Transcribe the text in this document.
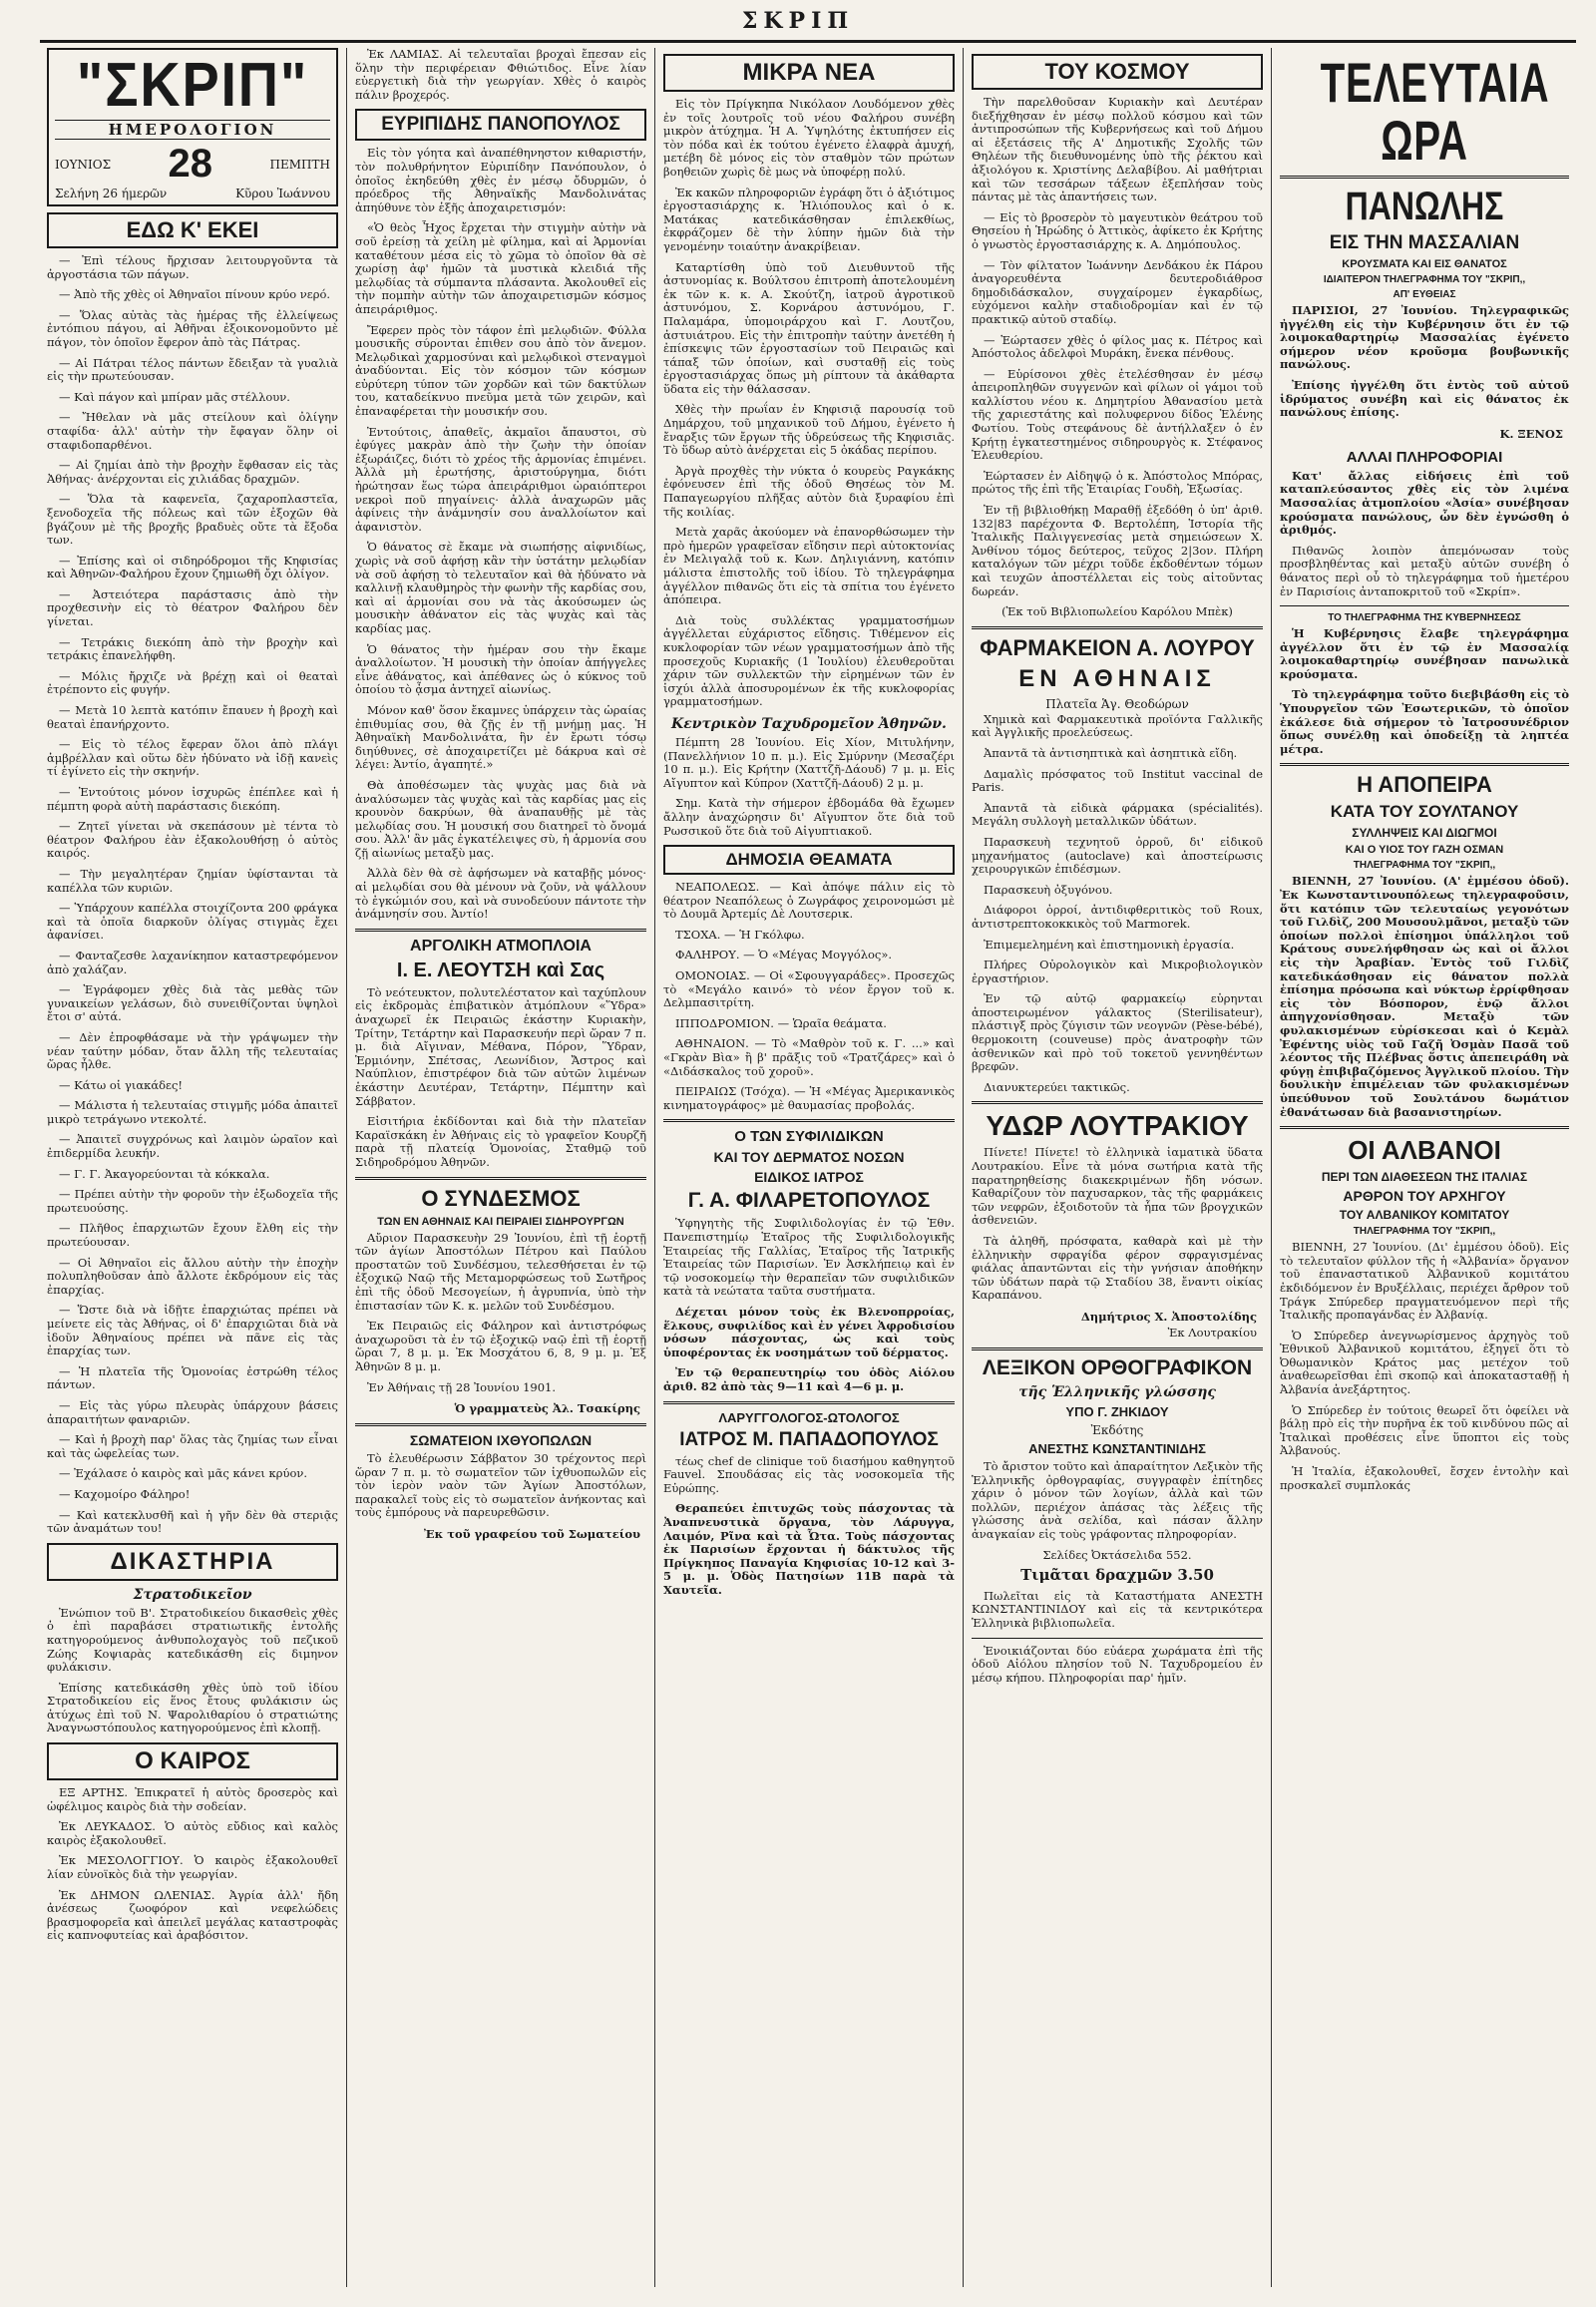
ΣΚΡΙΠ
"ΣΚΡΙΠ"
ΗΜΕΡΟΛΟΓΙΟΝ
ΙΟΥΝΙΟΣ 28	ΠΕΜΠΤΗ
Σελήνη 26 ήμερῶν	Κῦρου Ἰωάννου
ΕΔΩ Κ' ΕΚΕΙ

— Ἐπὶ τέλους ἤρχισαν λειτουργοῦντα τὰ ἀργοστάσια τῶν πάγων.

— Ἀπὸ τῆς χθὲς οἱ Ἀθηναῖοι πίνουν κρύο νερό.

— Ὅλας αὐτὰς τὰς ἡμέρας τῆς ἐλλείψεως ἐντόπιου πάγου, αἱ Ἀθῆναι ἐξοικονομοῦντο μὲ πάγον, τὸν ὁποῖον ἔφερον ἀπὸ τὰς Πάτρας.

— Αἱ Πάτραι τέλος πάντων ἔδειξαν τὰ γυαλιὰ εἰς τὴν πρωτεύουσαν.

— Καὶ πάγον καὶ μπίραν μᾶς στέλλουν.

— Ἤθελαν νὰ μᾶς στείλουν καὶ ὀλίγην σταφίδα· ἀλλ' αὐτὴν τὴν ἔφαγαν ὅλην οἱ σταφιδοπαρθένοι.

— Αἱ ζημίαι ἀπὸ τὴν βροχὴν ἔφθασαν εἰς τὰς Ἀθήνας· ἀνέρχονται εἰς χιλιάδας δραχμῶν.

— Ὅλα τὰ καφενεῖα, ζαχαροπλαστεῖα, ξενοδοχεῖα τῆς πόλεως καὶ τῶν ἐξοχῶν θὰ βγάζουν μὲ τῆς βροχῆς βραδυὲς οὔτε τὰ ἔξοδα των.

— Ἐπίσης καὶ οἱ σιδηρόδρομοι τῆς Κηφισίας καὶ Ἀθηνῶν-Φαλήρου ἔχουν ζημιωθῆ ὄχι ὀλίγον.

— Ἀστειότερα παράστασις ἀπὸ τὴν προχθεσινὴν εἰς τὸ θέατρον Φαλήρου δὲν γίνεται.

— Τετράκις διεκόπη ἀπὸ τὴν βροχὴν καὶ τετράκις ἐπανελήφθη.

— Μόλις ἤρχιζε νὰ βρέχῃ καὶ οἱ θεαταὶ ἐτρέποντο εἰς φυγήν.

— Μετὰ 10 λεπτὰ κατόπιν ἔπαυεν ἡ βροχὴ καὶ θεαταὶ ἐπανήρχοντο.

— Εἰς τὸ τέλος ἔφεραν ὅλοι ἀπὸ πλάγι ἀμβρέλλαν καὶ οὕτω δὲν ἠδύνατο νὰ ἰδῇ κανεὶς τί ἐγίνετο εἰς τὴν σκηνήν.

— Ἐντούτοις μόνον ἰσχυρῶς ἐπέπλεε καὶ ἡ πέμπτη φορὰ αὐτὴ παράστασις διεκόπη.

— Ζητεῖ γίνεται νὰ σκεπάσουν μὲ τέντα τὸ θέατρον Φαλήρου ἐὰν ἐξακολουθήσῃ ὁ αὐτὸς καιρός.

— Τὴν μεγαλητέραν ζημίαν ὑφίστανται τὰ καπέλλα τῶν κυριῶν.

— Ὑπάρχουν καπέλλα στοιχίζοντα 200 φράγκα καὶ τὰ ὁποῖα διαρκοῦν ὀλίγας στιγμὰς ἔχει ἀφανίσει.

— Φανταζεσθε λαχανίκηπον καταστρεφόμενον ἀπὸ χαλάζαν.

— Ἐγράφομεν χθὲς διὰ τὰς μεθὰς τῶν γυναικείων γελάσων, διὸ συνειθίζονται ὑψηλοὶ ἔτοι σ' αὐτά.

— Δὲν ἐπροφθάσαμε νὰ τὴν γράψωμεν τὴν νέαν ταύτην μόδαν, ὅταν ἄλλη τῆς τελευταίας ὥρας ἦλθε.

— Κάτω οἱ γιακάδες!

— Μάλιστα ἡ τελευταίας στιγμῆς μόδα ἀπαιτεῖ μικρὸ τετράγωνο ντεκολτέ.

— Ἀπαιτεῖ συγχρόνως καὶ λαιμὸν ὡραῖον καὶ ἐπιδερμίδα λευκήν.

— Γ. Γ. Ἀκαγορεύονται τὰ κόκκαλα.

— Πρέπει αὐτὴν τὴν φοροῦν τὴν ἐξωδοχεῖα τῆς πρωτευούσης.

— Πλῆθος ἐπαρχιωτῶν ἔχουν ἔλθη εἰς τὴν πρωτεύουσαν.

— Οἱ Ἀθηναῖοι εἰς ἄλλου αὐτὴν τὴν ἐποχὴν πολυπληθοῦσαν ἀπὸ ἄλλοτε ἐκδρόμουν εἰς τὰς ἐπαρχίας.

— Ὥστε διὰ νὰ ἰδῇτε ἐπαρχιώτας πρέπει νὰ μείνετε εἰς τὰς Ἀθήνας, οἱ δ' ἐπαρχιῶται διὰ νὰ ἰδοῦν Ἀθηναίους πρέπει νὰ πᾶνε εἰς τὰς ἐπαρχίας των.

— Ἡ πλατεῖα τῆς Ὁμονοίας ἐστρώθη τέλος πάντων.

— Εἰς τὰς γύρω πλευρὰς ὑπάρχουν βάσεις ἀπαραιτήτων φαναριῶν.

— Καὶ ἡ βροχὴ παρ' ὅλας τὰς ζημίας των εἶναι καὶ τὰς ὠφελείας των.

— Ἐχάλασε ὁ καιρὸς καὶ μᾶς κάνει κρύον.

— Καχομοίρο Φάληρο!

— Καὶ κατεκλυσθῆ καὶ ἡ γῆν δὲν θὰ στεριᾷς τῶν ἀναμάτων του!

ΔΙΚΑΣΤΗΡΙΑ
Στρατοδικεῖον

Ἐνώπιον τοῦ Β'. Στρατοδικείου δικασθεὶς χθὲς ὁ ἐπὶ παραβάσει στρατιωτικῆς ἐντολῆς κατηγορούμενος ἀνθυπολοχαγὸς τοῦ πεζικοῦ Ζώης Κοψιαρὰς κατεδικάσθη εἰς διμηνον φυλάκισιν.

Ἐπίσης κατεδικάσθη χθὲς ὑπὸ τοῦ ἰδίου Στρατοδικείου εἰς ἕνος ἔτους φυλάκισιν ὡς ἀτύχως ἐπὶ τοῦ Ν. Ψαρολιθαρίου ὁ στρατιώτης Ἀναγνωστόπουλος κατηγορούμενος ἐπὶ κλοπῇ.

Ο ΚΑΙΡΟΣ

ΕΞ ΑΡΤΗΣ. Ἐπικρατεῖ ἡ αὐτὸς δροσερὸς καὶ ὠφέλιμος καιρὸς διὰ τὴν σοδείαν.

Ἐκ ΛΕΥΚΑΔΟΣ. Ὁ αὐτὸς εὔδιος καὶ καλὸς καιρὸς ἐξακολουθεῖ.

Ἐκ ΜΕΣΟΛΟΓΓΙΟΥ. Ὁ καιρὸς ἐξακολουθεῖ λίαν εὐνοϊκὸς διὰ τὴν γεωργίαν.

Ἐκ ΔΗΜΟΝ ΩΛΕΝΙΑΣ. Ἀγρία ἀλλ' ἤδη ἀνέσεως ζωοφόρον καὶ νεφελώδεις βρασμοφορεῖα καὶ ἀπειλεῖ μεγάλας καταστροφὰς εἰς καπνοφυτείας καὶ ἀραβόσιτον.

Ἐκ ΛΑΜΙΑΣ. Αἱ τελευταῖαι βροχαὶ ἔπεσαν εἰς ὅλην τὴν περιφέρειαν Φθιώτιδος. Εἶνε λίαν εὐεργετικὴ διὰ τὴν γεωργίαν. Χθὲς ὁ καιρὸς πάλιν βροχερός.

ΕΥΡΙΠΙΔΗΣ ΠΑΝΟΠΟΥΛΟΣ

Εἰς τὸν γόητα καὶ ἀναπέθηνηστον κιθαριστήν, τὸν πολυθρήνητον Εὐριπίδην Πανόπουλον, ὁ ὁποῖος ἐκηδεύθη χθὲς ἐν μέσῳ ὄδυρμῶν, ὁ πρόεδρος τῆς Ἀθηναϊκῆς Μανδολινάτας ἀπηύθυνε τὸν ἑξῆς ἀποχαιρετισμόν:

«Ὁ θεὸς Ἦχος ἔρχεται τὴν στιγμὴν αὐτὴν νὰ σοῦ ἐρείσῃ τὰ χείλη μὲ φίλημα, καὶ αἱ Ἁρμονίαι καταθέτουν μέσα εἰς τὸ χῶμα τὸ ὁποῖον θὰ σὲ χωρίσῃ ἀφ' ἡμῶν τὰ μυστικὰ κλειδιά τῆς μελῳδίας τὰ σύμπαντα πλάσαντα. Ἀκολουθεῖ εἰς τὴν πομπὴν αὐτὴν τῶν ἀποχαιρετισμῶν κόσμος ἀπειράριθμος.

Ἔφερεν πρὸς τὸν τάφον ἐπὶ μελῳδιῶν. Φύλλα μουσικῆς σύρονται ἐπιθεν σου ἀπὸ τὸν ἄνεμον. Μελῳδικαὶ χαρμοσύναι καὶ μελῳδικοὶ στεναγμοὶ ἀναδύονται. Εἰς τὸν κόσμον τῶν κόσμων εὐρύτερη τύπον τῶν χορδῶν καὶ τῶν δακτύλων του, καταδείκνυο πνεῦμα μετὰ τῶν χειρῶν, καὶ ἐπαναφέρεται τὴν μουσικήν σου.

Ἐντούτοις, ἀπαθεῖς, ἀκμαῖοι ἄπαυστοι, σὺ ἐφύγες μακρὰν ἀπὸ τὴν ζωὴν τὴν ὁποίαν ἐξωράιζες, διότι τὸ χρέος τῆς ἀρμονίας ἐπιμένει. Ἀλλὰ μὴ ἐρωτήσης, ἀριστούργημα, διότι ἠρώτησαν ἕως τώρα ἀπειράριθμοι ὡραιόπτεροι νεκροὶ ποῦ πηγαίνεις· ἀλλὰ ἀναχωρῶν μᾶς ἀφίνεις τὴν ἀνάμνησίν σου ἀναλλοίωτον καὶ ἀφανιστὸν.

Ὁ θάνατος σὲ ἔκαμε νὰ σιωπήσῃς αἰφνιδίως, χωρὶς νὰ σοῦ ἀφήσῃ κἂν τὴν ὑστάτην μελῳδίαν νὰ σοῦ ἀφήσῃ τὸ τελευταῖον καὶ θὰ ἠδύνατο νὰ καλλινῇ κλαυθμηρὸς τὴν φωνὴν τῆς καρδίας σου, καὶ αἱ ἁρμονίαι σου νὰ τὰς ἀκούσωμεν ὡς μουσικὴν ἀθάνατον εἰς τὰς ψυχὰς καὶ τὰς καρδίας μας.

Ὁ θάνατος τὴν ἡμέραν σου τὴν ἔκαμε ἀναλλοίωτον. Ἡ μουσικὴ τὴν ὁποίαν ἀπήγγελες εἶνε ἀθάνατος, καὶ ἀπέθανες ὡς ὁ κύκνος τοῦ ὁποίου τὸ ᾆσμα ἀντηχεῖ αἰωνίως.

Μόνον καθ' ὅσον ἔκαμνες ὑπάρχειν τὰς ὡραίας ἐπιθυμίας σου, θὰ ζῇς ἐν τῇ μνήμῃ μας. Ἡ Ἀθηναϊκὴ Μανδολινάτα, ἣν ἐν ἔρωτι τόσῳ διηύθυνες, σὲ ἀποχαιρετίζει μὲ δάκρυα καὶ σὲ λέγει: Ἀντίο, ἀγαπητέ.»

Θὰ ἀποθέσωμεν τὰς ψυχὰς μας διὰ νὰ ἀναλύσωμεν τὰς ψυχὰς καὶ τὰς καρδίας μας εἰς κρουνὸν δακρύων, θὰ ἀναπαυθῇς μὲ τὰς μελῳδίας σου. Ἡ μουσική σου διατηρεῖ τὸ ὄνομά σου. Ἀλλ' ἂν μᾶς ἐγκατέλειψες σὺ, ἡ ἁρμονία σου ζῇ αἰωνίως μεταξὺ μας.

Ἀλλὰ δὲν θὰ σὲ ἀφήσωμεν νὰ καταβῇς μόνος· αἱ μελῳδίαι σου θὰ μένουν νὰ ζοῦν, νὰ ψάλλουν τὸ ἐγκώμιόν σου, καὶ νὰ συνοδεύουν πάντοτε τὴν ἀνάμνησίν σου. Ἀντίο!

ΑΡΓΟΛΙΚΗ ΑΤΜΟΠΛΟΙΑ
Ι. Ε. ΛΕΟΥΤΣΗ καὶ Σας

Τὸ νεότευκτον, πολυτελέστατον καὶ ταχύπλουν εἰς ἐκδρομὰς ἐπιβατικὸν ἀτμόπλουν «Ὕδρα» ἀναχωρεῖ ἐκ Πειραιῶς ἑκάστην Κυριακὴν, Τρίτην, Τετάρτην καὶ Παρασκευήν περὶ ὥραν 7 π. μ. διὰ Αἴγιναν, Μέθανα, Πόρον, Ὕδραν, Ἑρμιόνην, Σπέτσας, Λεωνίδιον, Ἄστρος καὶ Ναύπλιον, ἐπιστρέφον διὰ τῶν αὐτῶν λιμένων ἑκάστην Δευτέραν, Τετάρτην, Πέμπτην καὶ Σάββατον.

Εἰσιτήρια ἐκδίδονται καὶ διὰ τὴν πλατεῖαν Καραϊσκάκη ἐν Ἀθήναις εἰς τὸ γραφεῖον Κουρζῆ παρὰ τῇ πλατείᾳ Ὁμονοίας, Σταθμῷ τοῦ Σιδηροδρόμου Ἀθηνῶν.

Ο ΣΥΝΔΕΣΜΟΣ
ΤΩΝ ΕΝ ΑΘΗΝΑΙΣ ΚΑΙ ΠΕΙΡΑΙΕΙ ΣΙΔΗΡΟΥΡΓΩΝ

Αὔριον Παρασκευὴν 29 Ἰουνίου, ἐπὶ τῇ ἑορτῇ τῶν ἁγίων Ἀποστόλων Πέτρου καὶ Παύλου προστατῶν τοῦ Συνδέσμου, τελεσθήσεται ἐν τῷ ἐξοχικῷ Ναῷ τῆς Μεταμορφώσεως τοῦ Σωτῆρος ἐπὶ τῆς ὁδοῦ Μεσογείων, ἡ ἀγρυπνία, ὑπὸ τὴν ἐπιστασίαν τῶν Κ. κ. μελῶν τοῦ Συνδέσμου.

Ἐκ Πειραιῶς εἰς Φάληρον καὶ ἀντιστρόφως ἀναχωροῦσι τὰ ἐν τῷ ἐξοχικῷ ναῷ ἐπὶ τῇ ἑορτῇ ὥραι 7, 8 μ. μ. Ἐκ Μοσχάτου 6, 8, 9 μ. μ. Ἐξ Ἀθηνῶν 8 μ. μ.

Ἐν Ἀθήναις τῇ 28 Ἰουνίου 1901.

Ὁ γραμματεὺς Ἀλ. Τσακίρης
ΣΩΜΑΤΕΙΟΝ ΙΧΘΥΟΠΩΛΩΝ

Τὸ ἐλευθέρωσιν Σάββατον 30 τρέχοντος περὶ ὥραν 7 π. μ. τὸ σωματεῖον τῶν ἰχθυοπωλῶν εἰς τὸν ἱερὸν ναὸν τῶν Ἁγίων Ἀποστόλων, παρακαλεῖ τοὺς εἰς τὸ σωματεῖον ἀνήκοντας καὶ τοὺς ἐμπόρους νὰ παρευρεθῶσιν.

Ἐκ τοῦ γραφείου τοῦ Σωματείου
ΜΙΚΡΑ ΝΕΑ

Εἰς τὸν Πρίγκηπα Νικόλαον Λουδόμενον χθὲς ἐν τοῖς λουτροῖς τοῦ νέου Φαλήρου συνέβη μικρὸν ἀτύχημα. Ἡ Α. Ὑψηλότης ἐκτυπήσεν εἰς τὸν πόδα καὶ ἐκ τούτου ἐγένετο ἐλαφρὰ ἀμυχή, μετέβη δὲ μόνος εἰς τὸν σταθμὸν τῶν πρώτων βοηθειῶν χωρὶς δὲ μως νὰ ὑποφέρῃ πολύ.

Ἐκ κακῶν πληροφοριῶν ἐγράφη ὅτι ὁ ἀξιότιμος ἐργοστασιάρχης κ. Ἡλιόπουλος καὶ ὁ κ. Ματάκας κατεδικάσθησαν ἐπιλεκθίως, ἐκφράζομεν δὲ τὴν λύπην ἡμῶν διὰ τὴν γενομένην τοιαύτην ἀνακρίβειαν.

Καταρτίσθη ὑπὸ τοῦ Διευθυντοῦ τῆς ἀστυνομίας κ. Βούλτσου ἐπιτροπὴ ἀποτελουμένη ἐκ τῶν κ. κ. Α. Σκούτζη, ἰατροῦ ἀγροτικοῦ ἀστυνόμου, Σ. Κορνάρου ἀστυνόμου, Γ. Παλαμάρα, ὑπομοιράρχου καὶ Γ. Λουτζου, ἀστυιάτρου. Εἰς τὴν ἐπιτροπὴν ταύτην ἀνετέθη ἡ ἐπίσκεψις τῶν ἐργοστασίων τοῦ Πειραιῶς καὶ τάπαξ τῶν ὁποίων, καὶ συσταθῇ εἰς τοὺς ἐργοστασιάρχας ὅπως μὴ ρίπτουν τὰ ἀκάθαρτα ὕδατα εἰς τὴν θάλασσαν.

Χθὲς τὴν πρωΐαν ἐν Κηφισιᾷ παρουσίᾳ τοῦ Δημάρχου, τοῦ μηχανικοῦ τοῦ Δήμου, ἐγένετο ἡ ἔναρξις τῶν ἔργων τῆς ὑδρεύσεως τῆς Κηφισιᾶς. Τὸ ὕδωρ αὐτὸ ἀνέρχεται εἰς 5 ὀκάδας περίπου.

Ἀργὰ προχθὲς τὴν νύκτα ὁ κουρεὺς Ραγκάκης ἐφόνευσεν ἐπὶ τῆς ὁδοῦ Θησέως τὸν Μ. Παπαγεωργίου πλῆξας αὐτὸν διὰ ξυραφίου ἐπὶ τῆς κοιλίας.

Μετὰ χαρᾶς ἀκούομεν νὰ ἐπανορθώσωμεν τὴν πρὸ ἡμερῶν γραφεῖσαν εἴδησιν περὶ αὐτοκτονίας ἐν Μελιγαλᾷ τοῦ κ. Κων. Δηλιγιάννη, κατόπιν μάλιστα ἐπιστολῆς τοῦ ἰδίου. Τὸ τηλεγράφημα ἀγγέλλον πιθανῶς ὅτι εἰς τὰ σπίτια του ἐγένετο ἀπόπειρα.

Διὰ τοὺς συλλέκτας γραμματοσήμων ἀγγέλλεται εὐχάριστος εἴδησις. Τιθέμενον εἰς κυκλοφορίαν τῶν νέων γραμματοσήμων ἀπὸ τῆς προσεχοῦς Κυριακῆς (1 Ἰουλίου) ἐλευθεροῦται χάριν τῶν συλλεκτῶν τὴν εἰρημένων τῶν ἐν ἰσχύι ἀλλὰ ἀποσυρομένων ἐκ τῆς κυκλοφορίας γραμματοσήμων.

Κεντρικὸν Ταχυδρομεῖον Ἀθηνῶν.

Πέμπτη 28 Ἰουνίου. Εἰς Χίον, Μιτυλήνην, (Πανελλήνιον 10 π. μ.). Εἰς Σμύρνην (Μεσαζέρι 10 π. μ.). Εἰς Κρήτην (Χαττζῆ-Δάουδ) 7 μ. μ. Εἰς Αἴγυπτον καὶ Κύπρον (Χαττζῆ-Δάουδ) 2 μ. μ.

Σημ. Κατὰ τὴν σήμερον ἑβδομάδα θὰ ἔχωμεν ἄλλην ἀναχώρησιν δι' Αἴγυπτον ὅτε διὰ τοῦ Ρωσσικοῦ ὅτε διὰ τοῦ Αἰγυπτιακοῦ.

ΔΗΜΟΣΙΑ ΘΕΑΜΑΤΑ

ΝΕΑΠΟΛΕΩΣ. — Καὶ ἀπόψε πάλιν εἰς τὸ θέατρον Νεαπόλεως ὁ Ζωγράφος χειρονομώσι μὲ τὸ Δουμᾶ Ἀρτεμίς Δὲ Λουτσερικ.

ΤΣΟΧΑ. — Ἡ Γκόλφω.

ΦΑΛΗΡΟΥ. — Ὁ «Μέγας Μογγόλος».

ΟΜΟΝΟΙΑΣ. — Οἱ «Σφουγγαράδες». Προσεχῶς τὸ «Μεγάλο καινό» τὸ νέον ἔργον τοῦ κ. Δελμπασιτρίτη.

ΙΠΠΟΔΡΟΜΙΟΝ. — Ὡραῖα θεάματα.

ΑΘΗΝΑΙΟΝ. — Τὸ «Μαθρὸν τοῦ κ. Γ. ...» καὶ «Γκρὰν Βὶα» ἢ β' πρᾶξις τοῦ «Τρατζάρες» καὶ ὁ «Διδάσκαλος τοῦ χοροῦ».

ΠΕΙΡΑΙΩΣ (Τσόχα). — Ἡ «Μέγας Ἀμερικανικὸς κινηματογράφος» μὲ θαυμασίας προβολάς.

Ο ΤΩΝ ΣΥΦΙΛΙΔΙΚΩΝ
ΚΑΙ ΤΟΥ ΔΕΡΜΑΤΟΣ ΝΟΣΩΝ
ΕΙΔΙΚΟΣ ΙΑΤΡΟΣ
Γ. Α. ΦΙΛΑΡΕΤΟΠΟΥΛΟΣ

Ὑφηγητὴς τῆς Συφιλιδολογίας ἐν τῷ Ἐθν. Πανεπιστημίῳ Ἑταῖρος τῆς Συφιλιδολογικῆς Ἑταιρείας τῆς Γαλλίας, Ἑταῖρος τῆς Ἰατρικῆς Ἑταιρείας τῶν Παρισίων. Ἐν Ἀσκλήπειῳ καὶ ἐν τῷ νοσοκομείῳ τὴν θεραπεῖαν τῶν συφιλιδικῶν κατὰ τὰ νεώτατα ταῦτα συστήματα.

Δέχεται μόνον τοὺς ἐκ Βλενοπρροίας, ἕλκους, συφιλίδος καὶ ἐν γένει Ἀφροδισίου νόσων πάσχοντας, ὡς καὶ τοὺς ὑποφέροντας ἐκ νοσημάτων τοῦ δέρματος.

Ἐν τῷ θεραπευτηρίῳ του ὁδὸς Αἰόλου ἀριθ. 82 ἀπὸ τὰς 9—11 καὶ 4—6 μ. μ.

ΛΑΡΥΓΓΟΛΟΓΟΣ-ΩΤΟΛΟΓΟΣ
ΙΑΤΡΟΣ Μ. ΠΑΠΑΔΟΠΟΥΛΟΣ

τέως chef de clinique τοῦ διασήμου καθηγητοῦ Fauvel. Σπουδάσας εἰς τὰς νοσοκομεῖα τῆς Εὐρώπης.

Θεραπεύει ἐπιτυχῶς τοὺς πάσχοντας τὰ Ἀναπνευστικὰ ὄργανα, τὸν Λάρυγγα, Λαιμόν, Ρῖνα καὶ τὰ Ὦτα. Τοὺς πάσχοντας ἐκ Παρισίων ἔρχονται ἡ δάκτυλος τῆς Πρίγκηπος Παναγία Κηφισίας 10-12 καὶ 3-5 μ. μ. Ὁδὸς Πατησίων 11Β παρὰ τὰ Χαυτεῖα.

ΤΟΥ ΚΟΣΜΟΥ

Τὴν παρελθοῦσαν Κυριακὴν καὶ Δευτέραν διεξήχθησαν ἐν μέσῳ πολλοῦ κόσμου καὶ τῶν ἀντιπροσώπων τῆς Κυβερνήσεως καὶ τοῦ Δήμου αἱ ἐξετάσεις τῆς Α' Δημοτικῆς Σχολῆς τῶν Θηλέων τῆς διευθυνομένης ὑπὸ τῆς ῥέκτου καὶ ἀξιολόγου κ. Χριστίνης Δελαβίβου. Αἱ μαθήτριαι καὶ τῶν τεσσάρων τάξεων ἐξεπλήσαν τοὺς πάντας μὲ τὰς ἀπαντήσεις των.

— Εἰς τὸ βροσερὸν τὸ μαγευτικὸν θεάτρου τοῦ Θησείου ἡ Ἡρώδης ὁ Ἀττικὸς, ἀφίκετο ἐκ Κρήτης ὁ γνωστὸς ἐργοστασιάρχης κ. Α. Δημόπουλος.

— Τὸν φίλτατον Ἰωάννην Δενδάκου ἐκ Πάρου ἀναγορευθέντα δευτεροδιάθροσ δημοδιδάσκαλον, συγχαίρομεν ἐγκαρδίως, εὐχόμενοι καλὴν σταδιοδρομίαν καὶ ἐν τῷ πρακτικῷ αὐτοῦ σταδίῳ.

— Ἑώρτασεν χθὲς ὁ φίλος μας κ. Πέτρος καὶ Ἀπόστολος ἀδελφοὶ Μυράκη, ἔνεκα πένθους.

— Εὑρίσονοι χθὲς ἐτελέσθησαν ἐν μέσῳ ἀπειροπληθῶν συγγενῶν καὶ φίλων οἱ γάμοι τοῦ καλλίστου νέου κ. Δημητρίου Ἀθανασίου μετὰ τῆς χαριεστάτης καὶ πολυφερνου δίδος Ἑλένης Φωτίου. Τοὺς στεφάνους δὲ ἀντήλλαξεν ὁ ἐν Κρήτῃ ἐγκατεστημένος σιδηρουργὸς κ. Στέφανος Ἐλευθερίου.

Ἑώρτασεν ἐν Αἰδηψῷ ὁ κ. Ἀπόστολος Μπόρας, πρώτος τῆς ἐπὶ τῆς Ἑταιρίας Γουδὴ, Ἐξωσίας.

Ἐν τῇ βιβλιοθήκῃ Μαραθῇ ἐξεδόθη ὁ ὑπ' ἀριθ. 132|83 παρέχοντα Φ. Βερτολέπη, Ἱστορία τῆς Ἰταλικῆς Παλιγγενεσίας μετὰ σημειώσεων Χ. Ἀνθίνου τόμος δεύτερος, τεῦχος 2|3ον. Πλήρη καταλόγων τῶν μέχρι τοῦδε ἐκδοθέντων τόμων καὶ τευχῶν ἀποστέλλεται εἰς τοὺς αἰτοῦντας δωρεάν.

(Ἐκ τοῦ Βιβλιοπωλείου Καρόλου Μπὲκ)

ΦΑΡΜΑΚΕΙΟΝ Α. ΛΟΥΡΟΥ
ΕΝ ΑΘΗΝΑΙΣ
Πλατεῖα Ἁγ. Θεοδώρων

Χημικὰ καὶ Φαρμακευτικὰ προϊόντα Γαλλικῆς καὶ Ἀγγλικῆς προελεύσεως.

Ἀπαντᾶ τὰ ἀντισηπτικὰ καὶ ἀσηπτικὰ εἴδη.

Δαμαλὶς πρόσφατος τοῦ Institut vaccinal de Paris.

Ἀπαντᾶ τὰ εἰδικὰ φάρμακα (spécialités). Μεγάλη συλλογὴ μεταλλικῶν ὑδάτων.

Παρασκευὴ τεχνητοῦ ὀρροῦ, δι' εἰδικοῦ μηχανήματος (autoclave) καὶ ἀποστείρωσις χειρουργικῶν ἐπιδέσμων.

Παρασκευὴ ὀξυγόνου.

Διάφοροι ὀρροί, ἀντιδιφθεριτικὸς τοῦ Roux, ἀντιστρεπτοκοκκικὸς τοῦ Marmorek.

Ἐπιμεμελημένη καὶ ἐπιστημονικὴ ἐργασία.

Πλήρες Οὐρολογικὸν καὶ Μικροβιολογικὸν ἐργαστήριον.

Ἐν τῷ αὐτῷ φαρμακείῳ εὑρηνται ἀποστειρωμένον γάλακτος (Sterilisateur), πλάστιγξ πρὸς ζύγισιν τῶν νεογνῶν (Pèse-bébé), θερμοκοιτη (couveuse) πρὸς ἀνατροφὴν τῶν ἀσθενικῶν καὶ πρὸ τοῦ τοκετοῦ γεννηθέντων βρεφῶν.

Διανυκτερεύει τακτικῶς.

ΥΔΩΡ ΛΟΥΤΡΑΚΙΟΥ

Πίνετε! Πίνετε! τὸ ἑλληνικὰ ἰαματικὰ ὕδατα Λουτρακίου. Εἶνε τὰ μόνα σωτήρια κατὰ τῆς παρατηρηθείσης διακεκριμένων ἤδη νόσων. Καθαρίζουν τὸν παχυσαρκον, τὰς τῆς φαρμάκεις τῶν νεφρῶν, ἐξοιδοτοῦν τὰ ἧπα τῶν βρογχικῶν ἀσθενειῶν.

Τὰ ἀληθῆ, πρόσφατα, καθαρὰ καὶ μὲ τὴν ἑλληνικὴν σφραγίδα φέρον σφραγισμένας φιάλας ἀπαντῶνται εἰς τὴν γνήσιαν ἀποθήκην τῶν ὑδάτων παρὰ τῷ Σταδίου 38, ἔναντι οἰκίας Καραπάνου.

Δημήτριος Χ. Ἀποστολίδης
Ἐκ Λουτρακίου
ΛΕΞΙΚΟΝ ΟΡΘΟΓΡΑΦΙΚΟΝ
τῆς Ἑλληνικῆς γλώσσης
ΥΠΟ Γ. ΖΗΚΙΔΟΥ
Ἐκδότης
ΑΝΕΣΤΗΣ ΚΩΝΣΤΑΝΤΙΝΙΔΗΣ

Τὸ ἄριστον τοῦτο καὶ ἀπαραίτητον Λεξικὸν τῆς Ἑλληνικῆς ὀρθογραφίας, συγγραφὲν ἐπίτηδες χάριν ὁ μόνον τῶν λογίων, ἀλλὰ καὶ τῶν πολλῶν, περιέχον ἀπάσας τὰς λέξεις τῆς γλώσσης ἀνὰ σελίδα, καὶ πάσαν ἄλλην ἀναγκαίαν εἰς τοὺς γράφοντας πληροφορίαν.

Σελίδες Ὀκτάσελιδα 552.

Τιμᾶται δραχμῶν 3.50

Πωλεῖται εἰς τὰ Καταστήματα ΑΝΕΣΤΗ ΚΩΝΣΤΑΝΤΙΝΙΔΟΥ καὶ εἰς τὰ κεντρικότερα Ἑλληνικὰ βιβλιοπωλεῖα.

Ἐνοικιάζονται δύο εὐάερα χωράματα ἐπὶ τῆς ὁδοῦ Αἰόλου πλησίον τοῦ Ν. Ταχυδρομείου ἐν μέσῳ κήπου. Πληροφορίαι παρ' ἡμῖν.

ΤΕΛΕΥΤΑΙΑ ΩΡΑ
ΠΑΝΩΛΗΣ
ΕΙΣ ΤΗΝ ΜΑΣΣΑΛΙΑΝ
ΚΡΟΥΣΜΑΤΑ ΚΑΙ ΕΙΣ ΘΑΝΑΤΟΣ
ΙΔΙΑΙΤΕΡΟΝ ΤΗΛΕΓΡΑΦΗΜΑ ΤΟΥ "ΣΚΡΙΠ,,
ΑΠ' ΕΥΘΕΙΑΣ

ΠΑΡΙΣΙΟΙ, 27 Ἰουνίου. Τηλεγραφικῶς ἠγγέλθη εἰς τὴν Κυβέρνησιν ὅτι ἐν τῷ λοιμοκαθαρτηρίῳ Μασσαλίας ἐγένετο σήμερον νέον κροῦσμα βουβωνικῆς πανώλους.

Ἐπίσης ἠγγέλθη ὅτι ἐντὸς τοῦ αὐτοῦ ἱδρύματος συνέβη καὶ εἰς θάνατος ἐκ πανώλους ἐπίσης.

Κ. ΞΕΝΟΣ
ΑΛΛΑΙ ΠΛΗΡΟΦΟΡΙΑΙ

Κατ' ἄλλας εἰδήσεις ἐπὶ τοῦ καταπλεύσαντος χθὲς εἰς τὸν λιμένα Μασσαλίας ἀτμοπλοίου «Ἀσία» συνέβησαν κρούσματα πανώλους, ὧν δὲν ἐγνώσθη ὁ ἀριθμός.

Πιθανῶς λοιπὸν ἀπεμόνωσαν τοὺς προσβληθέντας καὶ μεταξὺ αὐτῶν συνέβη ὁ θάνατος περὶ οὗ τὸ τηλεγράφημα τοῦ ἡμετέρου ἐν Παρισίοις ἀνταποκριτοῦ τοῦ «Σκρίπ».

ΤΟ ΤΗΛΕΓΡΑΦΗΜΑ ΤΗΣ ΚΥΒΕΡΝΗΣΕΩΣ

Ἡ Κυβέρνησις ἔλαβε τηλεγράφημα ἀγγέλλον ὅτι ἐν τῷ ἐν Μασσαλίᾳ λοιμοκαθαρτηρίῳ συνέβησαν πανωλικὰ κρούσματα.

Τὸ τηλεγράφημα τοῦτο διεβιβάσθη εἰς τὸ Ὑπουργεῖον τῶν Ἐσωτερικῶν, τὸ ὁποῖον ἐκάλεσε διὰ σήμερον τὸ Ἰατροσυνέδριον ὅπως συνέλθῃ καὶ ὁποδείξῃ τὰ ληπτέα μέτρα.

Η ΑΠΟΠΕΙΡΑ
ΚΑΤΑ ΤΟΥ ΣΟΥΛΤΑΝΟΥ
ΣΥΛΛΗΨΕΙΣ ΚΑΙ ΔΙΩΓΜΟΙ
ΚΑΙ Ο ΥΙΟΣ ΤΟΥ ΓΑΖΗ ΟΣΜΑΝ
ΤΗΛΕΓΡΑΦΗΜΑ ΤΟΥ "ΣΚΡΙΠ,,

ΒΙΕΝΝΗ, 27 Ἰουνίου. (Α' ἐμμέσου ὁδοῦ). Ἐκ Κωνσταντινουπόλεως τηλεγραφοῦσιν, ὅτι κατόπιν τῶν τελευταίως γεγονότων τοῦ Γιλδὶζ, 200 Μουσουλμᾶνοι, μεταξὺ τῶν ὁποίων πολλοὶ ἐπίσημοι ὑπάλληλοι τοῦ Κράτους συνελήφθησαν ὡς καὶ οἱ ἄλλοι εἰς τὴν Ἀραβίαν. Ἐντὸς τοῦ Γιλδὶζ κατεδικάσθησαν εἰς θάνατον πολλὰ ἐπίσημα πρόσωπα καὶ νύκτωρ ἐρρίφθησαν εἰς τὸν Βόσπορον, ἐνῷ ἄλλοι ἀπηγχονίσθησαν. Μεταξὺ τῶν φυλακισμένων εὑρίσκεσαι καὶ ὁ Κεμὰλ Ἐφέντης υἱὸς τοῦ Γαζῆ Ὀσμὰν Πασᾶ τοῦ λέοντος τῆς Πλέβνας ὅστις ἀπεπειράθη νὰ φύγῃ ἐπιβιβαζόμενος Ἀγγλικοῦ πλοίου. Τὴν δουλικὴν ἐπιμέλειαν τῶν φυλακισμένων ὑπεύθυνον τοῦ Σουλτάνου δωμάτιον ἐθανάτωσαν διὰ βασανιστηρίων.

ΟΙ ΑΛΒΑΝΟΙ
ΠΕΡΙ ΤΩΝ ΔΙΑΘΕΣΕΩΝ ΤΗΣ ΙΤΑΛΙΑΣ
ΑΡΘΡΟΝ ΤΟΥ ΑΡΧΗΓΟΥ
ΤΟΥ ΑΛΒΑΝΙΚΟΥ ΚΟΜΙΤΑΤΟΥ
ΤΗΛΕΓΡΑΦΗΜΑ ΤΟΥ "ΣΚΡΙΠ,,

ΒΙΕΝΝΗ, 27 Ἰουνίου. (Δι' ἐμμέσου ὁδοῦ). Εἰς τὸ τελευταῖον φύλλον τῆς ἡ «Ἀλβανία» ὄργανον τοῦ ἐπαναστατικοῦ Ἀλβανικοῦ κομιτάτου ἐκδιδόμενον ἐν Βρυξέλλαις, περιέχει ἄρθρον τοῦ Τράγκ Σπύρεδερ πραγματευόμενον περὶ τῆς Ἰταλικῆς προπαγάνδας ἐν Ἀλβανίᾳ.

Ὁ Σπύρεδερ ἀνεγνωρίσμενος ἀρχηγὸς τοῦ Ἐθνικοῦ Ἀλβανικοῦ κομιτάτου, ἐξηγεῖ ὅτι τὸ Ὀθωμανικὸν Κράτος μας μετέχον τοῦ ἀναθεωρεῖσθαι ἐπὶ σκοπῷ καὶ ἀποκατασταθῇ ἡ Ἀλβανία ἀνεξάρτητος.

Ὁ Σπύρεδερ ἐν τούτοις θεωρεῖ ὅτι ὀφείλει νὰ βάλῃ πρὸ εἰς τὴν πυρῆνα ἐκ τοῦ κινδύνου πῶς αἱ Ἰταλικαὶ προθέσεις εἶνε ὕποπτοι εἰς τοὺς Ἀλβανούς.

Ἡ Ἰταλία, ἐξακολουθεῖ, ἔσχεν ἐντολὴν καὶ προσκαλεῖ συμπλοκάς
